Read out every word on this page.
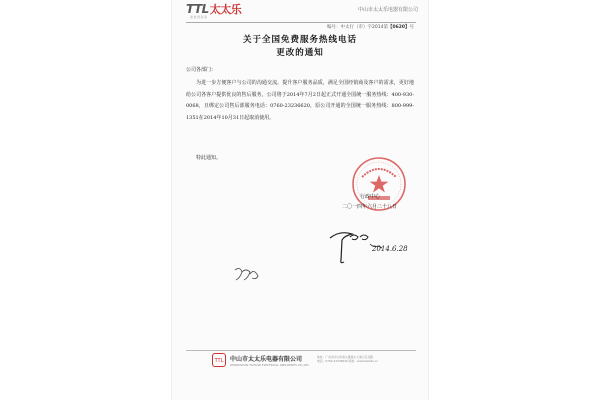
TTL太太乐
美食创造者
中山市太太乐电器有限公司
编号：中太行（市）字2014第【0620】号
关于全国免费服务热线电话
更改的通知
公司各部门：

为进一步方便客户与公司的沟通交流，提升客户服务品质，满足全国经销商及客户的需求，更好地给公司各客户提供优良的售后服务，公司将于2014年7月2日起正式开通全国统一服务热线：400-930-0068，且绑定公司售后部服务电话：0760-23236620，原公司开通的全国统一服务热线：800-999-1351在2014年10月31日起取消使用。

特此通知。
行政中心
二〇一四年六月二十八日
2014.6.28
TTL	中山市太太乐电器有限公司
ZHONGSHAN TAITAILE ELECTRICAL APPLIANCES CO.,LTD
地址：广东省中山市南头镇南头大道人民北路
电话：0760-23236620 网址：www.tailaile.cn
